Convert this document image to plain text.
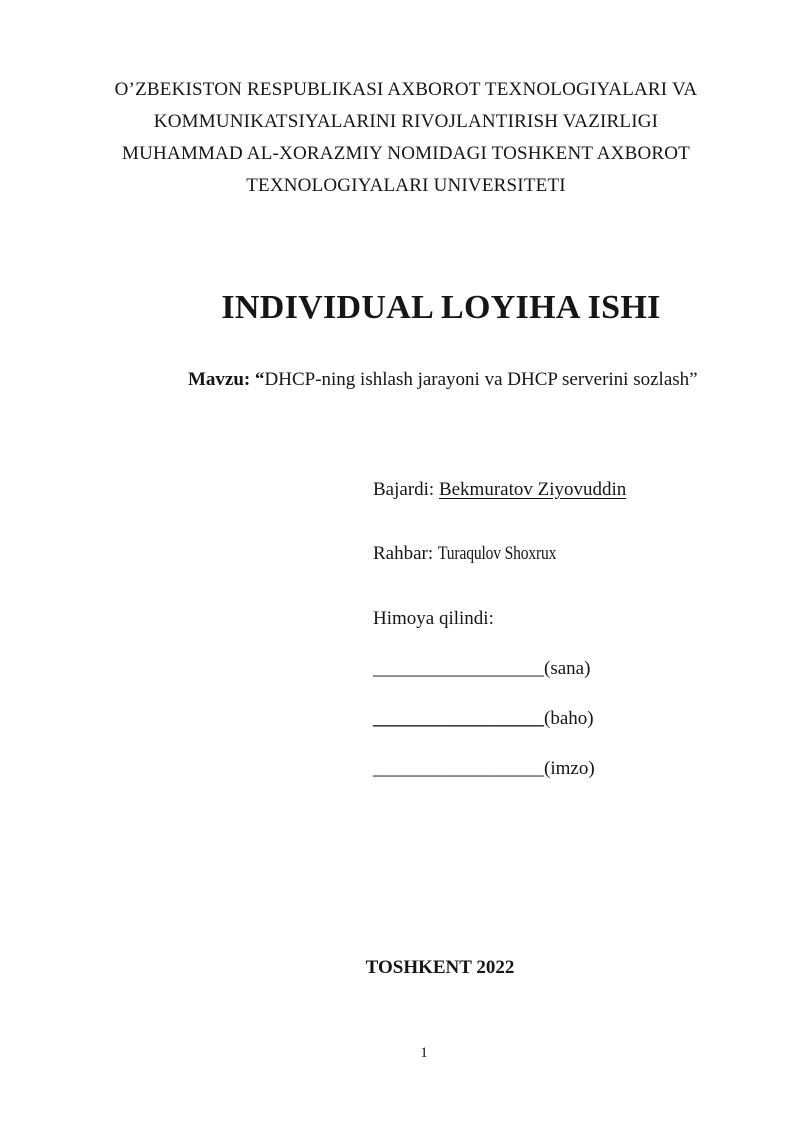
O’ZBEKISTON RESPUBLIKASI AXBOROT TEXNOLOGIYALARI VA
KOMMUNIKATSIYALARINI RIVOJLANTIRISH VAZIRLIGI
MUHAMMAD AL-XORAZMIY NOMIDAGI TOSHKENT AXBOROT
TEXNOLOGIYALARI UNIVERSITETI
INDIVIDUAL LOYIHA ISHI

Mavzu: “DHCP-ning ishlash jarayoni va DHCP serverini sozlash”

Bajardi: Bekmuratov Ziyovuddin

Rahbar: Turaqulov Shoxrux

Himoya qilindi:

__________________(sana)

__________________(baho)

__________________(imzo)

TOSHKENT 2022

1
